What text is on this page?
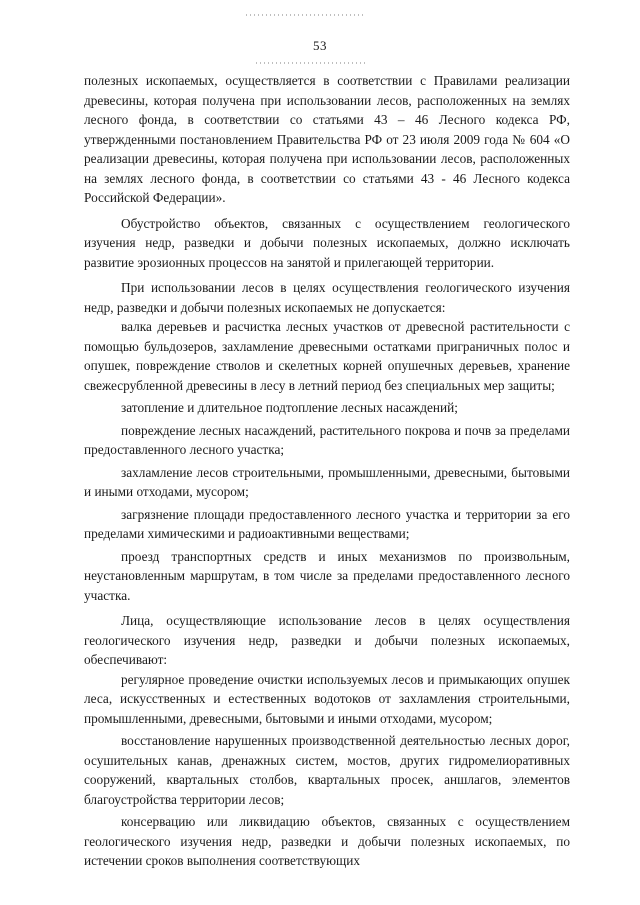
53

полезных ископаемых, осуществляется в соответствии с Правилами реализации древесины, которая получена при использовании лесов, расположенных на землях лесного фонда, в соответствии со статьями 43 – 46 Лесного кодекса РФ, утвержденными постановлением Правительства РФ от 23 июля 2009 года № 604 «О реализации древесины, которая получена при использовании лесов, расположенных на землях лесного фонда, в соответствии со статьями 43 - 46 Лесного кодекса Российской Федерации».

Обустройство объектов, связанных с осуществлением геологического изучения недр, разведки и добычи полезных ископаемых, должно исключать развитие эрозионных процессов на занятой и прилегающей территории.

При использовании лесов в целях осуществления геологического изучения недр, разведки и добычи полезных ископаемых не допускается:

валка деревьев и расчистка лесных участков от древесной растительности с помощью бульдозеров, захламление древесными остатками приграничных полос и опушек, повреждение стволов и скелетных корней опушечных деревьев, хранение свежесрубленной древесины в лесу в летний период без специальных мер защиты;

затопление и длительное подтопление лесных насаждений;

повреждение лесных насаждений, растительного покрова и почв за пределами предоставленного лесного участка;

захламление лесов строительными, промышленными, древесными, бытовыми и иными отходами, мусором;

загрязнение площади предоставленного лесного участка и территории за его пределами химическими и радиоактивными веществами;

проезд транспортных средств и иных механизмов по произвольным, неустановленным маршрутам, в том числе за пределами предоставленного лесного участка.

Лица, осуществляющие использование лесов в целях осуществления геологического изучения недр, разведки и добычи полезных ископаемых, обеспечивают:

регулярное проведение очистки используемых лесов и примыкающих опушек леса, искусственных и естественных водотоков от захламления строительными, промышленными, древесными, бытовыми и иными отходами, мусором;

восстановление нарушенных производственной деятельностью лесных дорог, осушительных канав, дренажных систем, мостов, других гидромелиоративных сооружений, квартальных столбов, квартальных просек, аншлагов, элементов благоустройства территории лесов;

консервацию или ликвидацию объектов, связанных с осуществлением геологического изучения недр, разведки и добычи полезных ископаемых, по истечении сроков выполнения соответствующих
